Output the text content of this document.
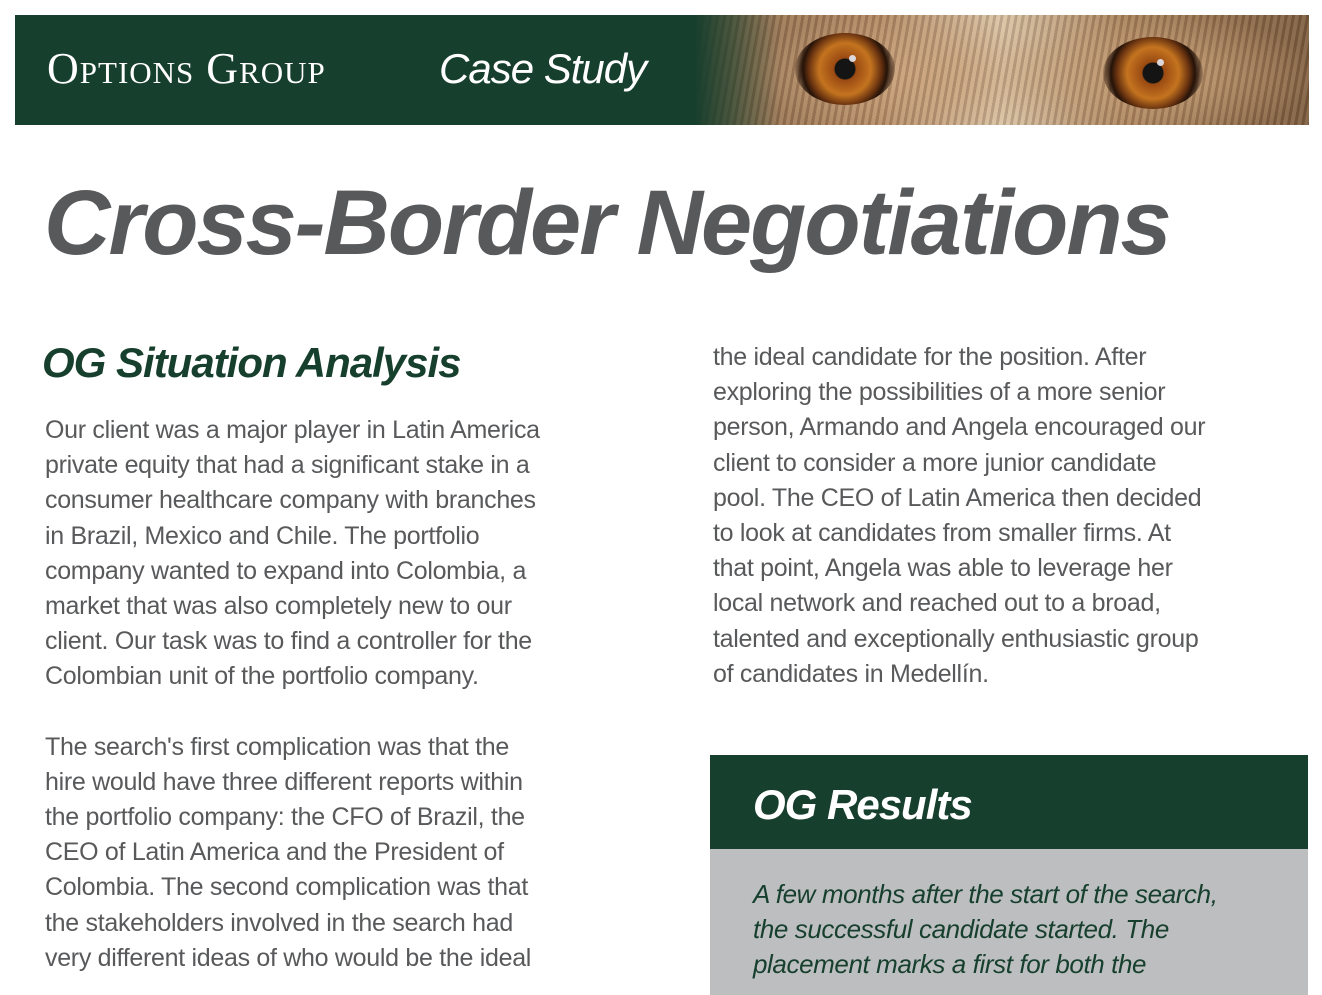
Options Group	Case Study
Cross-Border Negotiations
OG Situation Analysis

Our client was a major player in Latin America
private equity that had a significant stake in a
consumer healthcare company with branches
in Brazil, Mexico and Chile. The portfolio
company wanted to expand into Colombia, a
market that was also completely new to our
client. Our task was to find a controller for the
Colombian unit of the portfolio company.

The search's first complication was that the
hire would have three different reports within
the portfolio company: the CFO of Brazil, the
CEO of Latin America and the President of
Colombia. The second complication was that
the stakeholders involved in the search had
very different ideas of who would be the ideal

the ideal candidate for the position. After
exploring the possibilities of a more senior
person, Armando and Angela encouraged our
client to consider a more junior candidate
pool. The CEO of Latin America then decided
to look at candidates from smaller firms. At
that point, Angela was able to leverage her
local network and reached out to a broad,
talented and exceptionally enthusiastic group
of candidates in Medellín.

OG Results
A few months after the start of the search,
the successful candidate started. The
placement marks a first for both the
